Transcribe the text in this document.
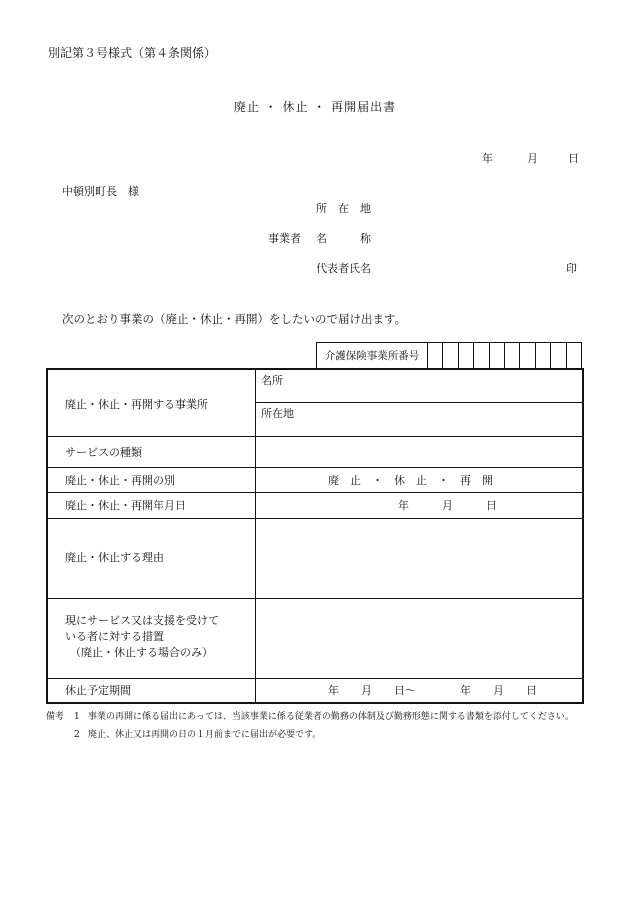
別記第３号様式（第４条関係）
廃止 ・ 休止 ・ 再開届出書
年	月	日
中頓別町長　様
所　在　地
事業者 名　　　称
代表者氏名	印
次のとおり事業の（廃止・休止・再開）をしたいので届け出ます。
介護保険事業所番号
廃止・休止・再開する事業所
名所
所在地
サービスの種類
廃止・休止・再開の別	廃　止　・　休　止　・　再　開
廃止・休止・再開年月日	年　　　月　　　日
廃止・休止する理由
現にサービス又は支援を受けて
いる者に対する措置
（廃止・休止する場合のみ）
休止予定期間	年　　月　　日～　　　　年　　月　　日
備考	1 事業の再開に係る届出にあっては、当該事業に係る従業者の勤務の体制及び勤務形態に関する書類を添付してください。
2 廃止、休止又は再開の日の１月前までに届出が必要です。
